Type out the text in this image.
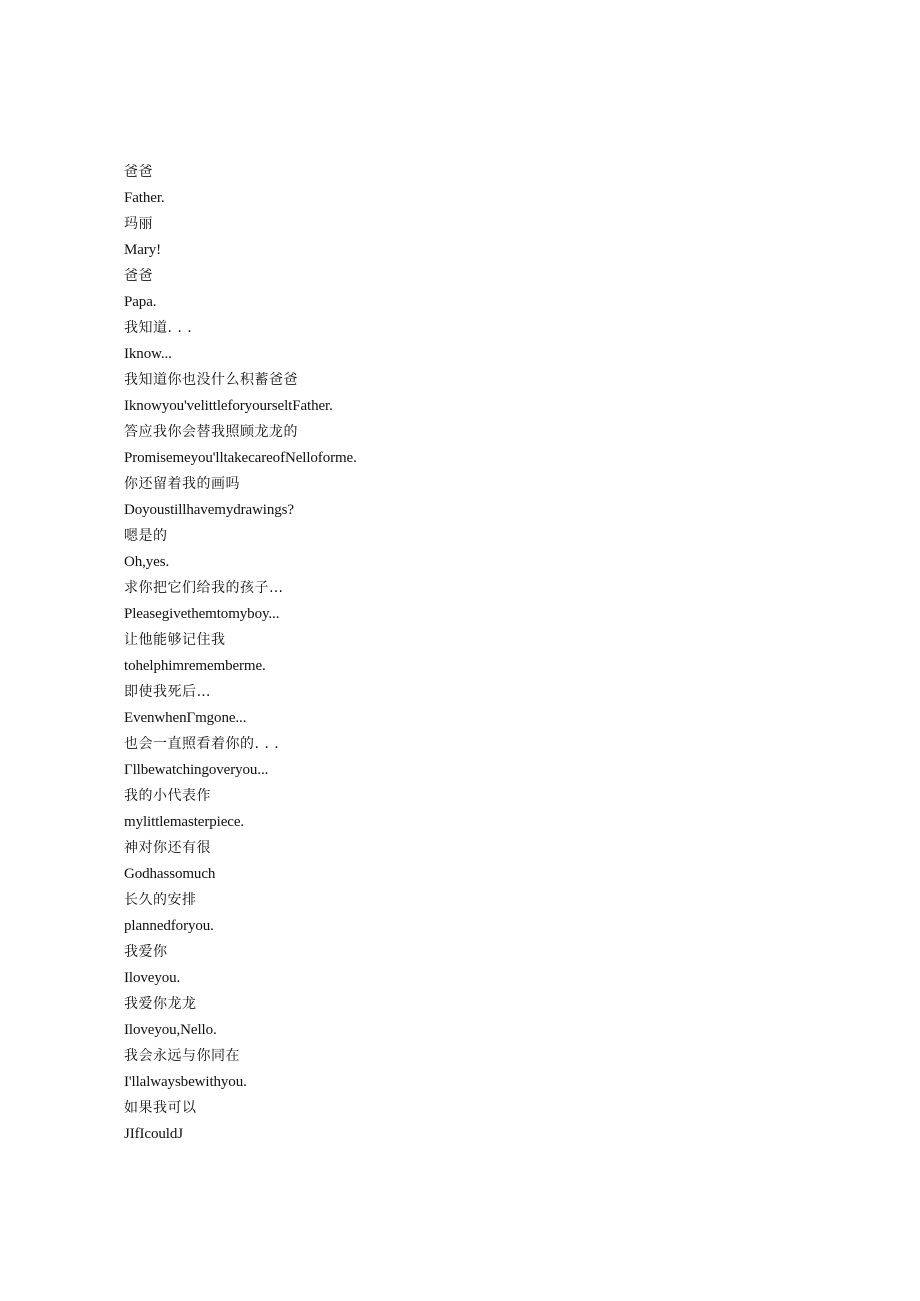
爸爸
Father.
玛丽
Mary!
爸爸
Papa.
我知道. . .
Iknow...
我知道你也没什么积蓄爸爸
Iknowyou'velittleforyourseltFather.
答应我你会替我照顾龙龙的
Promisemeyou'lltakecareofNelloforme.
你还留着我的画吗
Doyoustillhavemydrawings?
嗯是的
Oh,yes.
求你把它们给我的孩子…
Pleasegivethemtomyboy...
让他能够记住我
tohelphimrememberme.
即使我死后…
EvenwhenΓmgone...
也会一直照看着你的. . .
Γllbewatchingoveryou...
我的小代表作
mylittlemasterpiece.
神对你还有很
Godhassomuch
长久的安排
plannedforyou.
我爱你
Iloveyou.
我爱你龙龙
Iloveyou,Nello.
我会永远与你同在
I'llalwaysbewithyou.
如果我可以
JIfIcouldJ
